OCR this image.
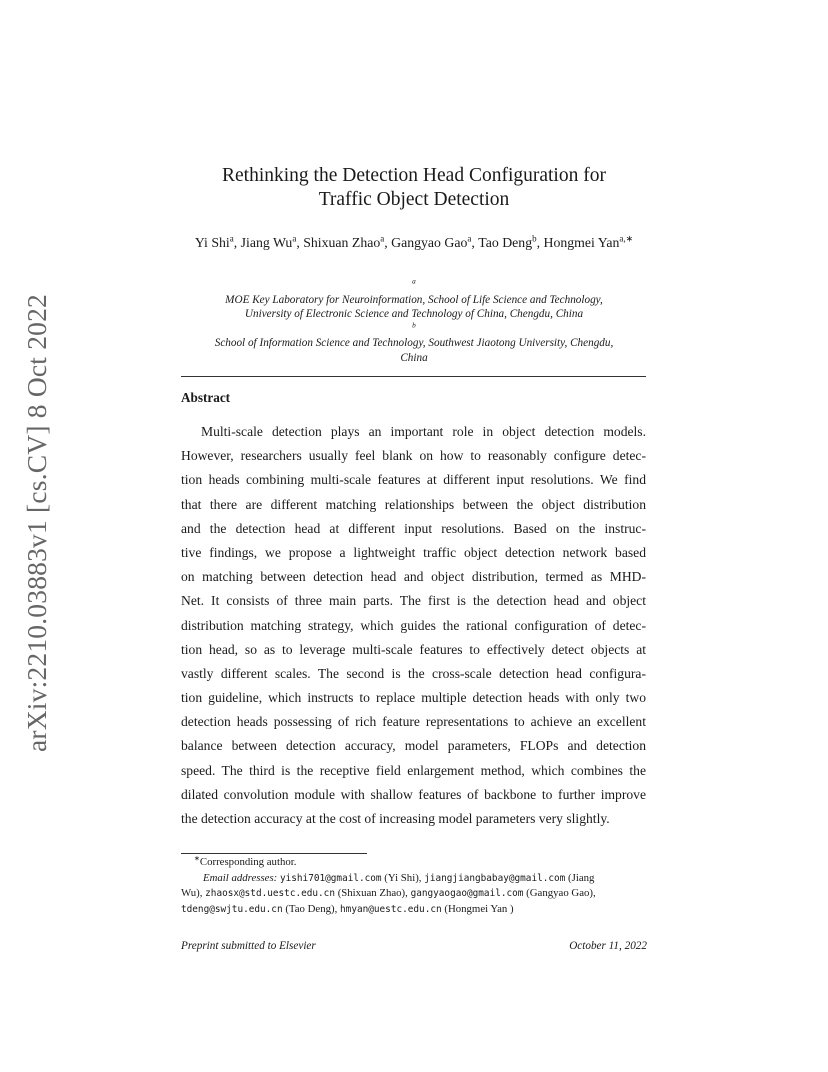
arXiv:2210.03883v1 [cs.CV] 8 Oct 2022
Rethinking the Detection Head Configuration for
Traffic Object Detection
Yi Shi$^a$, Jiang Wu$^a$, Shixuan Zhao$^a$, Gangyao Gao$^a$, Tao Deng$^b$, Hongmei Yan$^{a,∗}$
$^a$
MOE Key Laboratory for Neuroinformation, School of Life Science and Technology,
University of Electronic Science and Technology of China, Chengdu, China
$^b$
School of Information Science and Technology, Southwest Jiaotong University, Chengdu,
China
Abstract
Multi-scale detection plays an important role in object detection models.
However, researchers usually feel blank on how to reasonably configure detec-
tion heads combining multi-scale features at different input resolutions. We find
that there are different matching relationships between the object distribution
and the detection head at different input resolutions. Based on the instruc-
tive findings, we propose a lightweight traffic object detection network based
on matching between detection head and object distribution, termed as MHD-
Net. It consists of three main parts. The first is the detection head and object
distribution matching strategy, which guides the rational configuration of detec-
tion head, so as to leverage multi-scale features to effectively detect objects at
vastly different scales. The second is the cross-scale detection head configura-
tion guideline, which instructs to replace multiple detection heads with only two
detection heads possessing of rich feature representations to achieve an excellent
balance between detection accuracy, model parameters, FLOPs and detection
speed. The third is the receptive field enlargement method, which combines the
dilated convolution module with shallow features of backbone to further improve
the detection accuracy at the cost of increasing model parameters very slightly.
∗Corresponding author.
Email addresses: yishi701@gmail.com (Yi Shi), jiangjiangbabay@gmail.com (Jiang
Wu), zhaosx@std.uestc.edu.cn (Shixuan Zhao), gangyaogao@gmail.com (Gangyao Gao),
tdeng@swjtu.edu.cn (Tao Deng), hmyan@uestc.edu.cn (Hongmei Yan )
Preprint submitted to Elsevier	October 11, 2022
